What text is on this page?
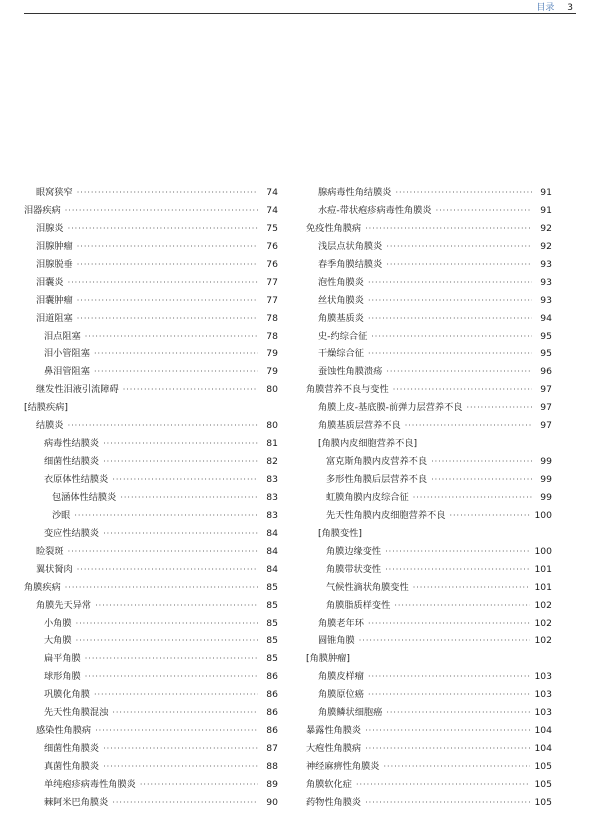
目录 3
眼窝狭窄 ·····	74
泪器疾病 ·····	74
泪腺炎 ·····	75
泪腺肿瘤 ·····	76
泪腺脱垂 ·····	76
泪囊炎 ·····	77
泪囊肿瘤 ·····	77
泪道阻塞 ·····	78
泪点阻塞 ·····	78
泪小管阻塞 ·····	79
鼻泪管阻塞 ·····	79
继发性泪液引流障碍 ·····	80
[结膜疾病]
结膜炎 ·····	80
病毒性结膜炎 ·····	81
细菌性结膜炎 ·····	82
衣原体性结膜炎 ·····	83
包涵体性结膜炎 ·····	83
沙眼 ·····	83
变应性结膜炎 ·····	84
睑裂斑 ·····	84
翼状胬肉 ·····	84
角膜疾病 ·····	85
角膜先天异常 ·····	85
小角膜 ·····	85
大角膜 ·····	85
扁平角膜 ·····	85
球形角膜 ·····	86
巩膜化角膜 ·····	86
先天性角膜混浊 ·····	86
感染性角膜病 ·····	86
细菌性角膜炎 ·····	87
真菌性角膜炎 ·····	88
单纯疱疹病毒性角膜炎 ·····	89
棘阿米巴角膜炎 ·····	90
腺病毒性角结膜炎 ·····	91
水痘-带状疱疹病毒性角膜炎 ·····	91
免疫性角膜病 ·····	92
浅层点状角膜炎 ·····	92
春季角膜结膜炎 ·····	93
泡性角膜炎 ·····	93
丝状角膜炎 ·····	93
角膜基质炎 ·····	94
史-约综合征 ·····	95
干燥综合征 ·····	95
蚕蚀性角膜溃疡 ·····	96
角膜营养不良与变性 ·····	97
角膜上皮-基底膜-前弹力层营养不良 ·····	97
角膜基质层营养不良 ·····	97
[角膜内皮细胞营养不良]
富克斯角膜内皮营养不良 ·····	99
多形性角膜后层营养不良 ·····	99
虹膜角膜内皮综合征 ·····	99
先天性角膜内皮细胞营养不良 ·····	100
[角膜变性]
角膜边缘变性 ·····	100
角膜带状变性 ·····	101
气候性滴状角膜变性 ·····	101
角膜脂质样变性 ·····	102
角膜老年环 ·····	102
圆锥角膜 ·····	102
[角膜肿瘤]
角膜皮样瘤 ·····	103
角膜原位癌 ·····	103
角膜鳞状细胞癌 ·····	103
暴露性角膜炎 ·····	104
大疱性角膜病 ·····	104
神经麻痹性角膜炎 ·····	105
角膜软化症 ·····	105
药物性角膜炎 ·····	105
